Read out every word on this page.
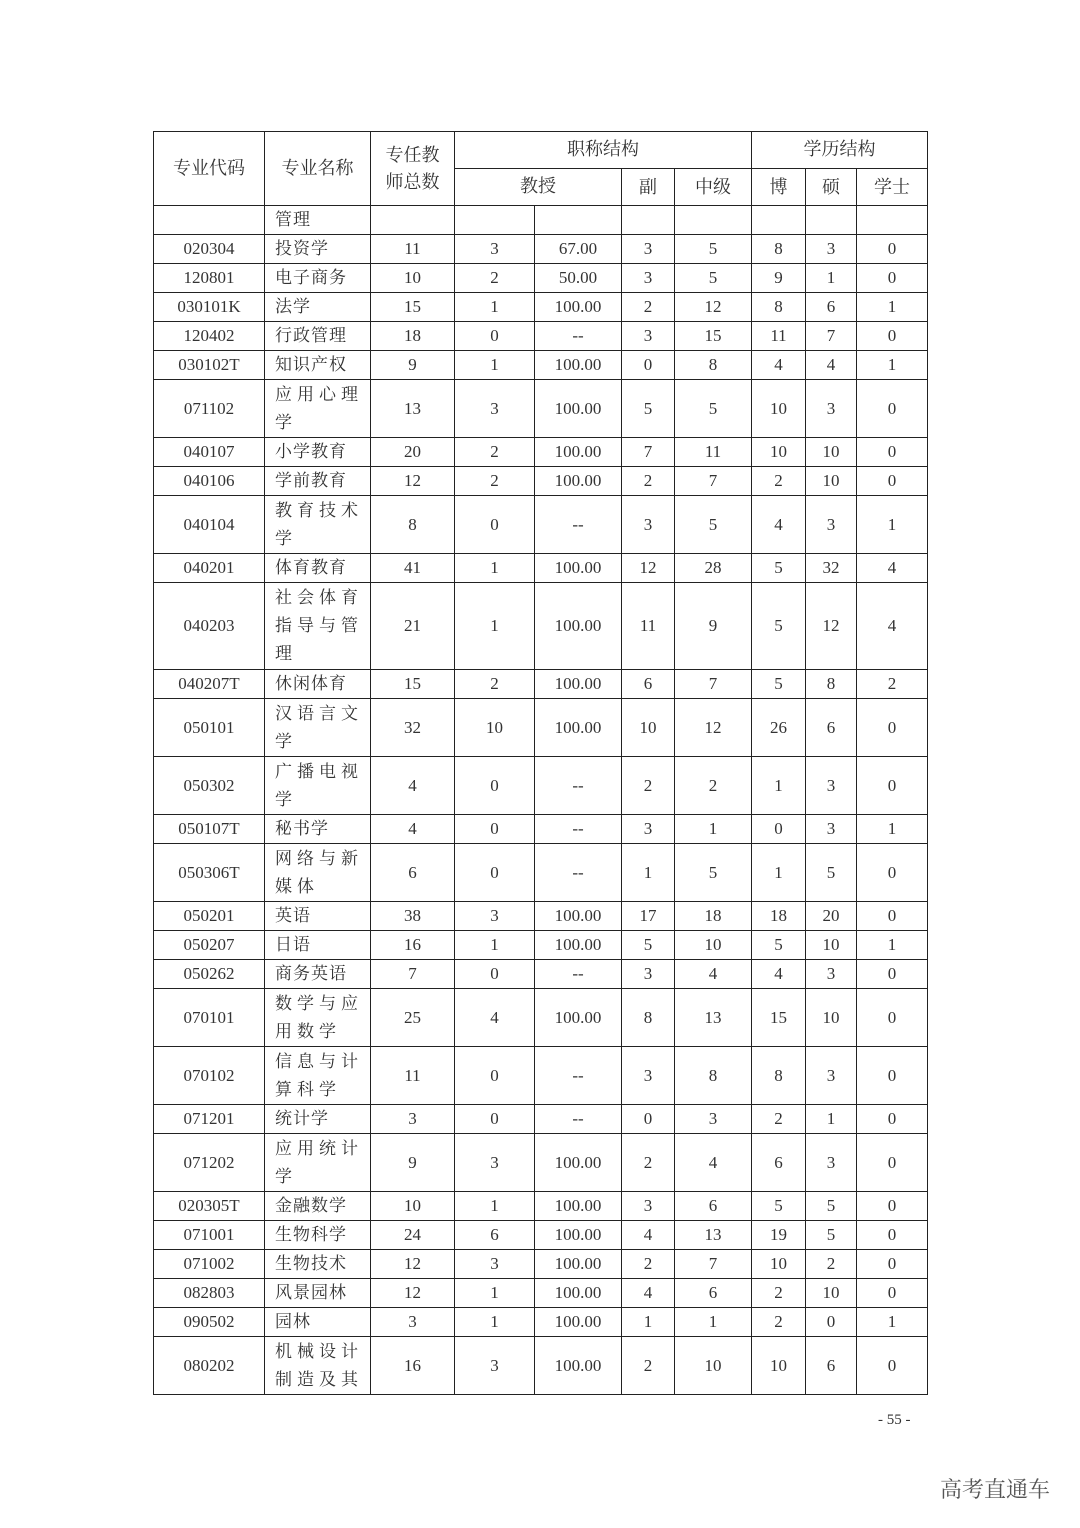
专业代码	专业名称	专任教师总数	职称结构				学历结构		
			教授		副	中级	博	硕	学士

	管理								
020304	投资学	11	3	67.00	3	5	8	3	0
120801	电子商务	10	2	50.00	3	5	9	1	0
030101K	法学	15	1	100.00	2	12	8	6	1
120402	行政管理	18	0	--	3	15	11	7	0
030102T	知识产权	9	1	100.00	0	8	4	4	1
071102	应用心理学	13	3	100.00	5	5	10	3	0
040107	小学教育	20	2	100.00	7	11	10	10	0
040106	学前教育	12	2	100.00	2	7	2	10	0
040104	教育技术学	8	0	--	3	5	4	3	1
040201	体育教育	41	1	100.00	12	28	5	32	4
040203	社会体育指导与管理	21	1	100.00	11	9	5	12	4
040207T	休闲体育	15	2	100.00	6	7	5	8	2
050101	汉语言文学	32	10	100.00	10	12	26	6	0
050302	广播电视学	4	0	--	2	2	1	3	0
050107T	秘书学	4	0	--	3	1	0	3	1
050306T	网络与新媒体	6	0	--	1	5	1	5	0
050201	英语	38	3	100.00	17	18	18	20	0
050207	日语	16	1	100.00	5	10	5	10	1
050262	商务英语	7	0	--	3	4	4	3	0
070101	数学与应用数学	25	4	100.00	8	13	15	10	0
070102	信息与计算科学	11	0	--	3	8	8	3	0
071201	统计学	3	0	--	0	3	2	1	0
071202	应用统计学	9	3	100.00	2	4	6	3	0
020305T	金融数学	10	1	100.00	3	6	5	5	0
071001	生物科学	24	6	100.00	4	13	19	5	0
071002	生物技术	12	3	100.00	2	7	10	2	0
082803	风景园林	12	1	100.00	4	6	2	10	0
090502	园林	3	1	100.00	1	1	2	0	1
080202	机械设计制造及其	16	3	100.00	2	10	10	6	0
- 55 -
高考直通车
